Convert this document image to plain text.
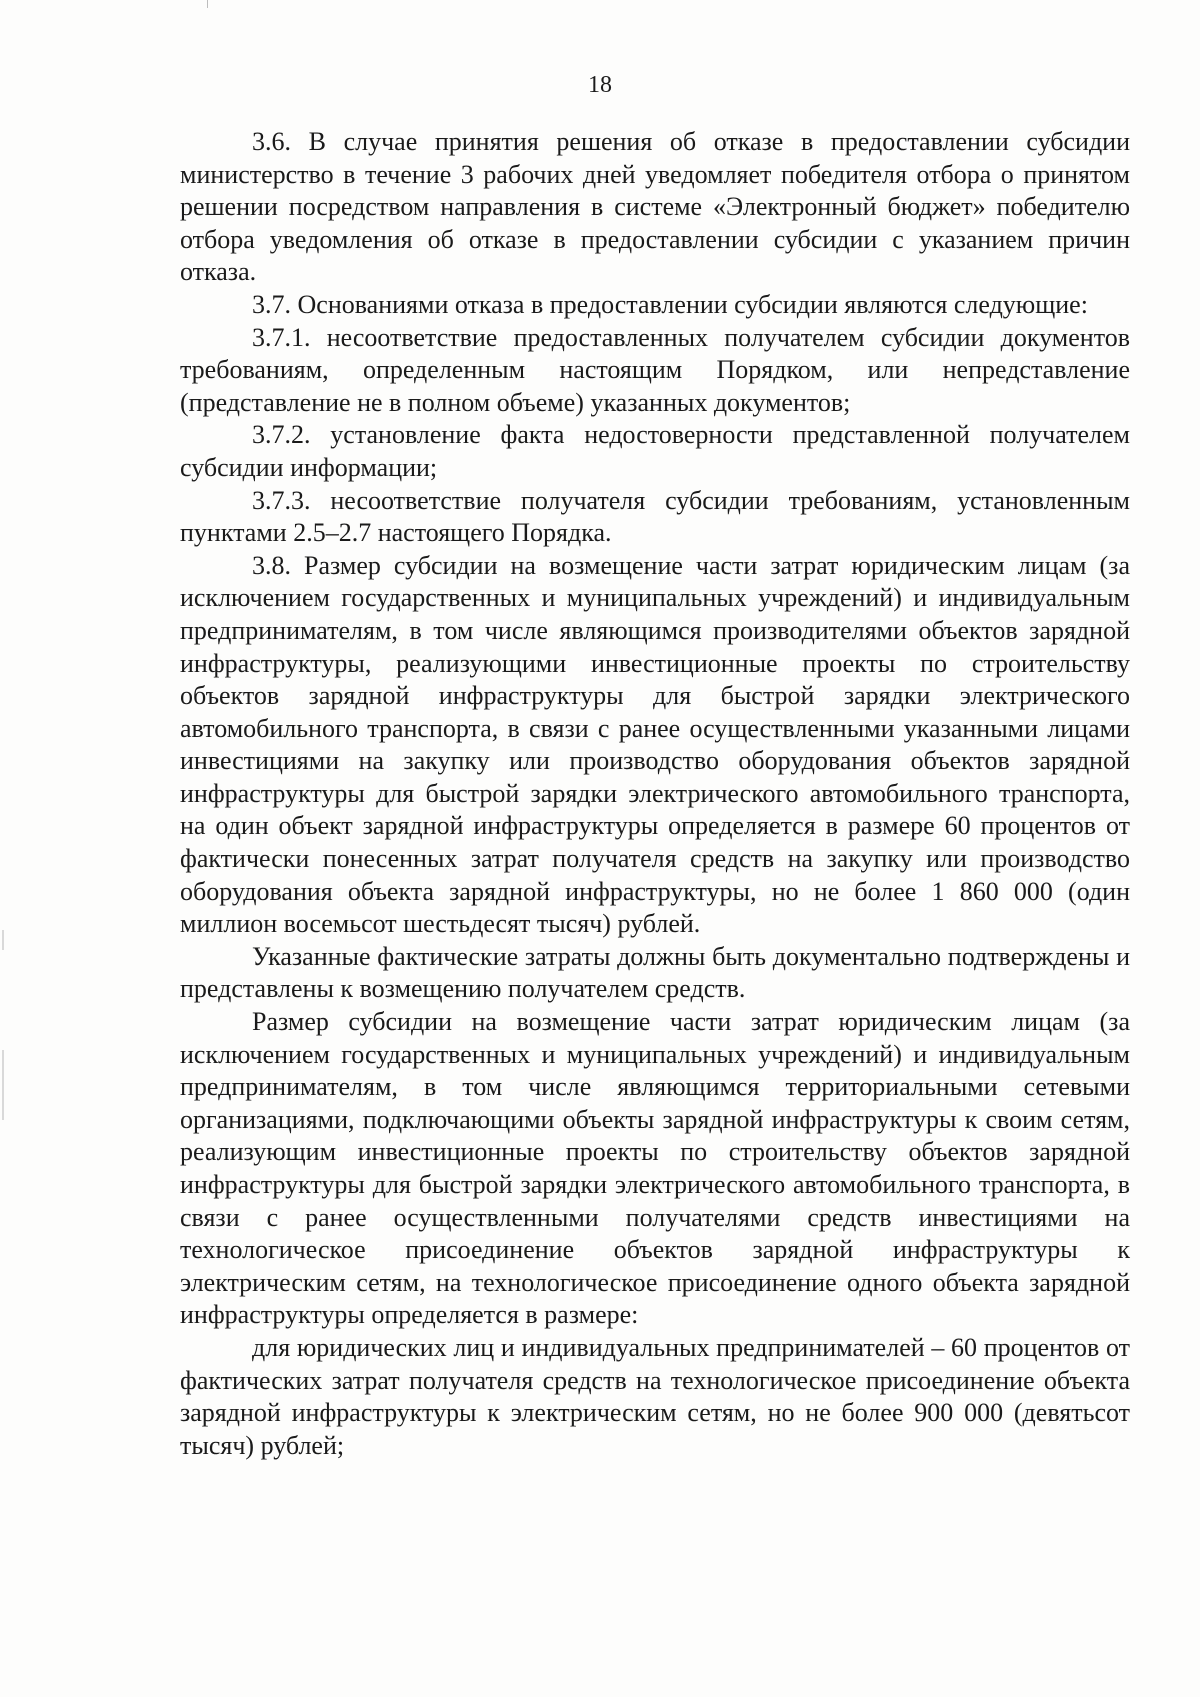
18

3.6. В случае принятия решения об отказе в предоставлении субсидии министерство в течение 3 рабочих дней уведомляет победителя отбора о принятом решении посредством направления в системе «Электронный бюджет» победителю отбора уведомления об отказе в предоставлении субсидии с указанием причин отказа.

3.7. Основаниями отказа в предоставлении субсидии являются следующие:

3.7.1. несоответствие предоставленных получателем субсидии документов требованиям, определенным настоящим Порядком, или непредставление (представление не в полном объеме) указанных документов;

3.7.2. установление факта недостоверности представленной получателем субсидии информации;

3.7.3. несоответствие получателя субсидии требованиям, установленным пунктами 2.5–2.7 настоящего Порядка.

3.8. Размер субсидии на возмещение части затрат юридическим лицам (за исключением государственных и муниципальных учреждений) и индивидуальным предпринимателям, в том числе являющимся производителями объектов зарядной инфраструктуры, реализующими инвестиционные проекты по строительству объектов зарядной инфраструктуры для быстрой зарядки электрического автомобильного транспорта, в связи с ранее осуществленными указанными лицами инвестициями на закупку или производство оборудования объектов зарядной инфраструктуры для быстрой зарядки электрического автомобильного транспорта, на один объект зарядной инфраструктуры определяется в размере 60 процентов от фактически понесенных затрат получателя средств на закупку или производство оборудования объекта зарядной инфраструктуры, но не более 1 860 000 (один миллион восемьсот шестьдесят тысяч) рублей.

Указанные фактические затраты должны быть документально подтверждены и представлены к возмещению получателем средств.

Размер субсидии на возмещение части затрат юридическим лицам (за исключением государственных и муниципальных учреждений) и индивидуальным предпринимателям, в том числе являющимся территориальными сетевыми организациями, подключающими объекты зарядной инфраструктуры к своим сетям, реализующим инвестиционные проекты по строительству объектов зарядной инфраструктуры для быстрой зарядки электрического автомобильного транспорта, в связи с ранее осуществленными получателями средств инвестициями на технологическое присоединение объектов зарядной инфраструктуры к электрическим сетям, на технологическое присоединение одного объекта зарядной инфраструктуры определяется в размере:

для юридических лиц и индивидуальных предпринимателей – 60 процентов от фактических затрат получателя средств на технологическое присоединение объекта зарядной инфраструктуры к электрическим сетям, но не более 900 000 (девятьсот тысяч) рублей;
